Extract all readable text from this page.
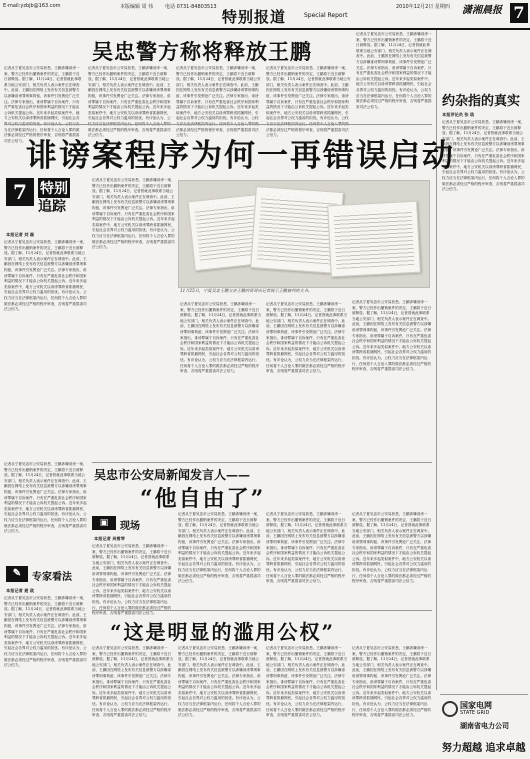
E-mail:yzbjb@163.com	本版编辑 周 伟 电话 0731-84803513
特别报道	Special Report
2010年12月2日 星期四 潇湘晨报 7
吴忠警方称将释放王鹏
记者从宁夏吴忠市公安局获悉，王鹏涉嫌诽谤一案，警方已经作出撤销案件的决定，王鹏将于近日被释放。据了解，11月24日，记者曾就此事联系当地公安部门，相关负责人表示案件正在调查中。此前，王鹏因在网络上发布有关信息被警方以涉嫌诽谤罪刑事拘留，该事件引发舆论广泛关注。法律专家指出，诽谤罪属于自诉案件，只有在严重危害社会秩序和国家利益的情况下才能由公诉机关提起公诉。近年来多起类似案件中，地方公安机关以诽谤罪跨省抓捕网民，引起社会各 当在法律框架内运行，任何将个人言论入罪的做法都必须经过严格的程序审查，否则将严重损害司法公信力。
记者从宁夏吴忠市公安局获悉，王鹏涉嫌诽谤一案，警方已经作出撤销案件的决定，王鹏将于近日被释放。据了解，11月24日，记者曾就此事联系当地公安部门，相关负责人表示案件正在调查中。此前，王鹏因在网络上发布有关信息被警方以涉嫌诽谤罪刑事拘留，该事件引发舆论广泛关注。法律专家指出，诽谤罪属于自诉案件，只有在严重危害社会秩序和国家利益的情况下才能由公诉机关提起公诉。近年来多起类似案件中，地方公安机关以诽谤罪跨省抓捕网民，引起社会各界对公权力滥用的担忧。有评论认为，公 做法都必须经过严格的程序审查，否则将严重损害司法公信力。
记者从宁夏吴忠市公安局获悉，王鹏涉嫌诽谤一案，警方已经作出撤销案件的决定，王鹏将于近日被释放。据了解，11月24日，记者曾就此事联系当地公安部门，相关负责人表示案件正在调查中。此前，王鹏因在网络上发布有关信息被警方以涉嫌诽谤罪刑事拘留，该事件引发舆论广泛关注。法律专家指出，诽谤罪属于自诉案件，只有在严重危害社会秩序和国家利益的情况下才能由公诉机关提起公诉。近年来多起类似案件中，地方公安机关以诽谤罪跨省抓捕网民，引起社会各界对公权力滥用的担忧。有评论认为，公权 法都必须经过严格的程序审查，否则将严重损害司法公信力。
记者从宁夏吴忠市公安局获悉，王鹏涉嫌诽谤一案，警方已经作出撤销案件的决定，王鹏将于近日被释放。据了解，11月24日，记者曾就此事联系当地公安部门，相关负责人表示案件正在调查中。此前，王鹏因在网络上发布有关信息被警方以涉嫌诽谤罪刑事拘留，该事件引发舆论广泛关注。法律专家指出，诽谤罪属于自诉案件，只有在严重危害社会秩序和国家利益的情况下才能由公诉机关提起公诉。近年来多起类似案件中，地方公安机关以诽谤罪跨省抓捕网民，引起社会各界对公权力滥用的担忧。有评论认为，公权 法都必须经过严格的程序审查，否则将严重损害司法公信力。
记者从宁夏吴忠市公安局获悉，王鹏涉嫌诽谤一案，警方已经作出撤销案件的决定，王鹏将于近日被释放。据了解，11月24日，记者曾就此事联系当地公安部门，相关负责人表示案件正在调查中。此前，王鹏因在网络上发布有关信息被警方以涉嫌诽谤罪刑事拘留，该事件引发舆论广泛关注。法律专家指出，诽谤罪属于自诉案件，只有在严重危害社会秩序和国家利益的情况下才能由公诉机关提起公诉。近年来多起类似案件中，地方公安机关以诽谤罪跨省抓捕网民，引起社会各界对公权力滥用的担忧。有评论认为，公权力应当在法律框架内运行，任何将个人言论入罪的做法都必须经过严格的程序审查，否则将严重损害司法公信力。	约杂指的真实
本报评论员 张 琰
记者从宁夏吴忠市公安局获悉，王鹏涉嫌诽谤一案，警方已经作出撤销案件的决定，王鹏将于近日被释放。据了解，11月24日，记者曾就此事联系当地公安部门，相关负责人表示案件正在调查中。此前，王鹏因在网络上发布有关信息被警方以涉嫌诽谤罪刑事拘留，该事件引发舆论广泛关注。法律专家指出，诽谤罪属于自诉案件，只有在严重危害社会秩序和国家利益的情况下才能由公诉机关提起公诉。近年来多起类似案件中，地方公安机关以诽谤罪跨省抓捕网民，引起社会各界对公权力滥用的担忧。有评论认为，公权力应当在法律框架内运行，任何将个人言论入罪的做法都必须经过严格的程序审查，否则将严重损害司法公信力。
诽谤案程序为何一再错误启动
7 特别
追踪
本报记者 刘 磊
记者从宁夏吴忠市公安局获悉，王鹏涉嫌诽谤一案，警方已经作出撤销案件的决定，王鹏将于近日被释放。据了解，11月24日，记者曾就此事联系当地公安部门，相关负责人表示案件正在调查中。此前，王鹏因在网络上发布有关信息被警方以涉嫌诽谤罪刑事拘留，该事件引发舆论广泛关注。法律专家指出，诽谤罪属于自诉案件，只有在严重危害社会秩序和国家利益的情况下才能由公诉机关提起公诉。近年来多起类似案件中，地方公安机关以诽谤罪跨省抓捕网民，引起社会各界对公权力滥用的担忧。有评论认为，公权力应当在法律框架内运行，任何将个人言论入罪的做法都必须经过严格的程序审查，否则将严重损害司法公信力。
记者从宁夏吴忠市公安局获悉，王鹏涉嫌诽谤一案，警方已经作出撤销案件的决定，王鹏将于近日被释放。据了解，11月24日，记者曾就此事联系当地公安部门，相关负责人表示案件正在调查中。此前，王鹏因在网络上发布有关信息被警方以涉嫌诽谤罪刑事拘留，该事件引发舆论广泛关注。法律专家指出，诽谤罪属于自诉案件，只有在严重危害社会秩序和国家利益的情况下才能由公诉机关提起公诉。近年来多起类似案件中，地方公安机关以诽谤罪跨省抓捕网民，引起社会各界对公权力滥用的担忧。有评论认为，公权力应当在法律框架内运行，任何将个人言论入罪的做法都必须经过严格的程序审查，否则将严重损害司法公信力。
11月25日，宁夏吴忠王鹏父亲王鹏的哥哥向记者展示王鹏被判的文书。
记者从宁夏吴忠市公安局获悉，王鹏涉嫌诽谤一案，警方已经作出撤销案件的决定，王鹏将于近日被释放。据了解，11月24日，记者曾就此事联系当地公安部门，相关负责人表示案件正在调查中。此前，王鹏因在网络上发布有关信息被警方以涉嫌诽谤罪刑事拘留，该事件引发舆论广泛关注。法律专家指出，诽谤罪属于自诉案件，只有在严重危害社会秩序和国家利益的情况下才能由公诉机关提起公诉。近年来多起类似案件中，地方公安机关以诽谤罪跨省抓捕网民，引起社会各界对公权力滥用的担忧。有评论认为，公权力应当在法律框架内运行，任何将个人言论入罪的做法都必须经过严格的程序审查，否则将严重损害司法公信力。
记者从宁夏吴忠市公安局获悉，王鹏涉嫌诽谤一案，警方已经作出撤销案件的决定，王鹏将于近日被释放。据了解，11月24日，记者曾就此事联系当地公安部门，相关负责人表示案件正在调查中。此前，王鹏因在网络上发布有关信息被警方以涉嫌诽谤罪刑事拘留，该事件引发舆论广泛关注。法律专家指出，诽谤罪属于自诉案件，只有在严重危害社会秩序和国家利益的情况下才能由公诉机关提起公诉。近年来多起类似案件中，地方公安机关以诽谤罪跨省抓捕网民，引起社会各界对公权力滥用的担忧。有评论认为，公权力应当在法律框架内运行，任何将个人言论入罪的做法都必须经过严格的程序审查，否则将严重损害司法公信力。
记者从宁夏吴忠市公安局获悉，王鹏涉嫌诽谤一案，警方已经作出撤销案件的决定，王鹏将于近日被释放。据了解，11月24日，记者曾就此事联系当地公安部门，相关负责人表示案件正在调查中。此前，王鹏因在网络上发布有关信息被警方以涉嫌诽谤罪刑事拘留，该事件引发舆论广泛关注。法律专家指出，诽谤罪属于自诉案件，只有在严重危害社会秩序和国家利益的情况下才能由公诉机关提起公诉。近年来多起类似案件中，地方公安机关以诽谤罪跨省抓捕网民，引起社会各界对公权力滥用的担忧。有评论认为，公权力应当在法律框架内运行，任何将个人言论入罪的做法都必须经过严格的程序审查，否则将严重损害司法公信力。
吴忠市公安局新闻发言人——
“他自由了”
▣	现场
本报记者 吴雪琴
记者从宁夏吴忠市公安局获悉，王鹏涉嫌诽谤一案，警方已经作出撤销案件的决定，王鹏将于近日被释放。据了解，11月24日，记者曾就此事联系当地公安部门，相关负责人表示案件正在调查中。此前，王鹏因在网络上发布有关信息被警方以涉嫌诽谤罪刑事拘留，该事件引发舆论广泛关注。法律专家指出，诽谤罪属于自诉案件，只有在严重危害社会秩序和国家利益的情况下才能由公诉机关提起公诉。近年来多起类似案件中，地方公安机关以诽谤罪跨省抓捕网民，引起社会各界对公权力滥用的担忧。有评论认为，公权力应当在法律框架内运行，任何将个人言论入罪的做法都必须经过严格的程序审查，否则将严重损害司法公信力。
记者从宁夏吴忠市公安局获悉，王鹏涉嫌诽谤一案，警方已经作出撤销案件的决定，王鹏将于近日被释放。据了解，11月24日，记者曾就此事联系当地公安部门，相关负责人表示案件正在调查中。此前，王鹏因在网络上发布有关信息被警方以涉嫌诽谤罪刑事拘留，该事件引发舆论广泛关注。法律专家指出，诽谤罪属于自诉案件，只有在严重危害社会秩序和国家利益的情况下才能由公诉机关提起公诉。近年来多起类似案件中，地方公安机关以诽谤罪跨省抓捕网民，引起社会各界对公权力滥用的担忧。有评论认为，公权力应当在法律框架内运行，任何将个人言论入罪的做法都必须经过严格的程序审查，否则将严重损害司法公信力。
记者从宁夏吴忠市公安局获悉，王鹏涉嫌诽谤一案，警方已经作出撤销案件的决定，王鹏将于近日被释放。据了解，11月24日，记者曾就此事联系当地公安部门，相关负责人表示案件正在调查中。此前，王鹏因在网络上发布有关信息被警方以涉嫌诽谤罪刑事拘留，该事件引发舆论广泛关注。法律专家指出，诽谤罪属于自诉案件，只有在严重危害社会秩序和国家利益的情况下才能由公诉机关提起公诉。近年来多起类似案件中，地方公安机关以诽谤罪跨省抓捕网民，引起社会各界对公权力滥用的担忧。有评论认为，公权力应当在法律框架内运行，任何将个人言论入罪的做法都必须经过严格的程序审查，否则将严重损害司法公信力。
记者从宁夏吴忠市公安局获悉，王鹏涉嫌诽谤一案，警方已经作出撤销案件的决定，王鹏将于近日被释放。据了解，11月24日，记者曾就此事联系当地公安部门，相关负责人表示案件正在调查中。此前，王鹏因在网络上发布有关信息被警方以涉嫌诽谤罪刑事拘留，该事件引发舆论广泛关注。法律专家指出，诽谤罪属于自诉案件，只有在严重危害社会秩序和国家利益的情况下才能由公诉机关提起公诉。近年来多起类似案件中，地方公安机关以诽谤罪跨省抓捕网民，引起社会各界对公权力滥用的担忧。有评论认为，公权力应当在法律框架内运行，任何将个人言论入罪的做法都必须经过严格的程序审查，否则将严重损害司法公信力。
记者从宁夏吴忠市公安局获悉，王鹏涉嫌诽谤一案，警方已经作出撤销案件的决定，王鹏将于近日被释放。据了解，11月24日，记者曾就此事联系当地公安部门，相关负责人表示案件正在调查中。此前，王鹏因在网络上发布有关信息被警方以涉嫌诽谤罪刑事拘留，该事件引发舆论广泛关注。法律专家指出，诽谤罪属于自诉案件，只有在严重危害社会秩序和国家利益的情况下才能由公诉机关提起公诉。近年来多起类似案件中，地方公安机关以诽谤罪跨省抓捕网民，引起社会各界对公权力滥用的担忧。有评论认为，公权力应当在法律框架内运行，任何将个人言论入罪的做法都必须经过严格的程序审查，否则将严重损害司法公信力。
✎	专家看法
本报记者 聂 政
记者从宁夏吴忠市公安局获悉，王鹏涉嫌诽谤一案，警方已经作出撤销案件的决定，王鹏将于近日被释放。据了解，11月24日，记者曾就此事联系当地公安部门，相关负责人表示案件正在调查中。此前，王鹏因在网络上发布有关信息被警方以涉嫌诽谤罪刑事拘留，该事件引发舆论广泛关注。法律专家指出，诽谤罪属于自诉案件，只有在严重危害社会秩序和国家利益的情况下才能由公诉机关提起公诉。近年来多起类似案件中，地方公安机关以诽谤罪跨省抓捕网民，引起社会各界对公权力滥用的担忧。有评论认为，公权力应当在法律框架内运行，任何将个人言论入罪的做法都必须经过严格的程序审查，否则将严重损害司法公信力。
“这是明显的滥用公权”
记者从宁夏吴忠市公安局获悉，王鹏涉嫌诽谤一案，警方已经作出撤销案件的决定，王鹏将于近日被释放。据了解，11月24日，记者曾就此事联系当地公安部门，相关负责人表示案件正在调查中。此前，王鹏因在网络上发布有关信息被警方以涉嫌诽谤罪刑事拘留，该事件引发舆论广泛关注。法律专家指出，诽谤罪属于自诉案件，只有在严重危害社会秩序和国家利益的情况下才能由公诉机关提起公诉。近年来多起类似案件中，地方公安机关以诽谤罪跨省抓捕网民，引起社会各界对公权力滥用的担忧。有评论认为，公权力应当在法律框架内运行，任何将个人言论入罪的做法都必须经过严格的程序审查，否则将严重损害司法公信力。
记者从宁夏吴忠市公安局获悉，王鹏涉嫌诽谤一案，警方已经作出撤销案件的决定，王鹏将于近日被释放。据了解，11月24日，记者曾就此事联系当地公安部门，相关负责人表示案件正在调查中。此前，王鹏因在网络上发布有关信息被警方以涉嫌诽谤罪刑事拘留，该事件引发舆论广泛关注。法律专家指出，诽谤罪属于自诉案件，只有在严重危害社会秩序和国家利益的情况下才能由公诉机关提起公诉。近年来多起类似案件中，地方公安机关以诽谤罪跨省抓捕网民，引起社会各界对公权力滥用的担忧。有评论认为，公权力应当在法律框架内运行，任何将个人言论入罪的做法都必须经过严格的程序审查，否则将严重损害司法公信力。
记者从宁夏吴忠市公安局获悉，王鹏涉嫌诽谤一案，警方已经作出撤销案件的决定，王鹏将于近日被释放。据了解，11月24日，记者曾就此事联系当地公安部门，相关负责人表示案件正在调查中。此前，王鹏因在网络上发布有关信息被警方以涉嫌诽谤罪刑事拘留，该事件引发舆论广泛关注。法律专家指出，诽谤罪属于自诉案件，只有在严重危害社会秩序和国家利益的情况下才能由公诉机关提起公诉。近年来多起类似案件中，地方公安机关以诽谤罪跨省抓捕网民，引起社会各界对公权力滥用的担忧。有评论认为，公权力应当在法律框架内运行，任何将个人言论入罪的做法都必须经过严格的程序审查，否则将严重损害司法公信力。
记者从宁夏吴忠市公安局获悉，王鹏涉嫌诽谤一案，警方已经作出撤销案件的决定，王鹏将于近日被释放。据了解，11月24日，记者曾就此事联系当地公安部门，相关负责人表示案件正在调查中。此前，王鹏因在网络上发布有关信息被警方以涉嫌诽谤罪刑事拘留，该事件引发舆论广泛关注。法律专家指出，诽谤罪属于自诉案件，只有在严重危害社会秩序和国家利益的情况下才能由公诉机关提起公诉。近年来多起类似案件中，地方公安机关以诽谤罪跨省抓捕网民，引起社会各界对公权力滥用的担忧。有评论认为，公权力应当在法律框架内运行，任何将个人言论入罪的做法都必须经过严格的程序审查，否则将严重损害司法公信力。
国家电网
STATE GRID
湖南省电力公司
努力超越 追求卓越
